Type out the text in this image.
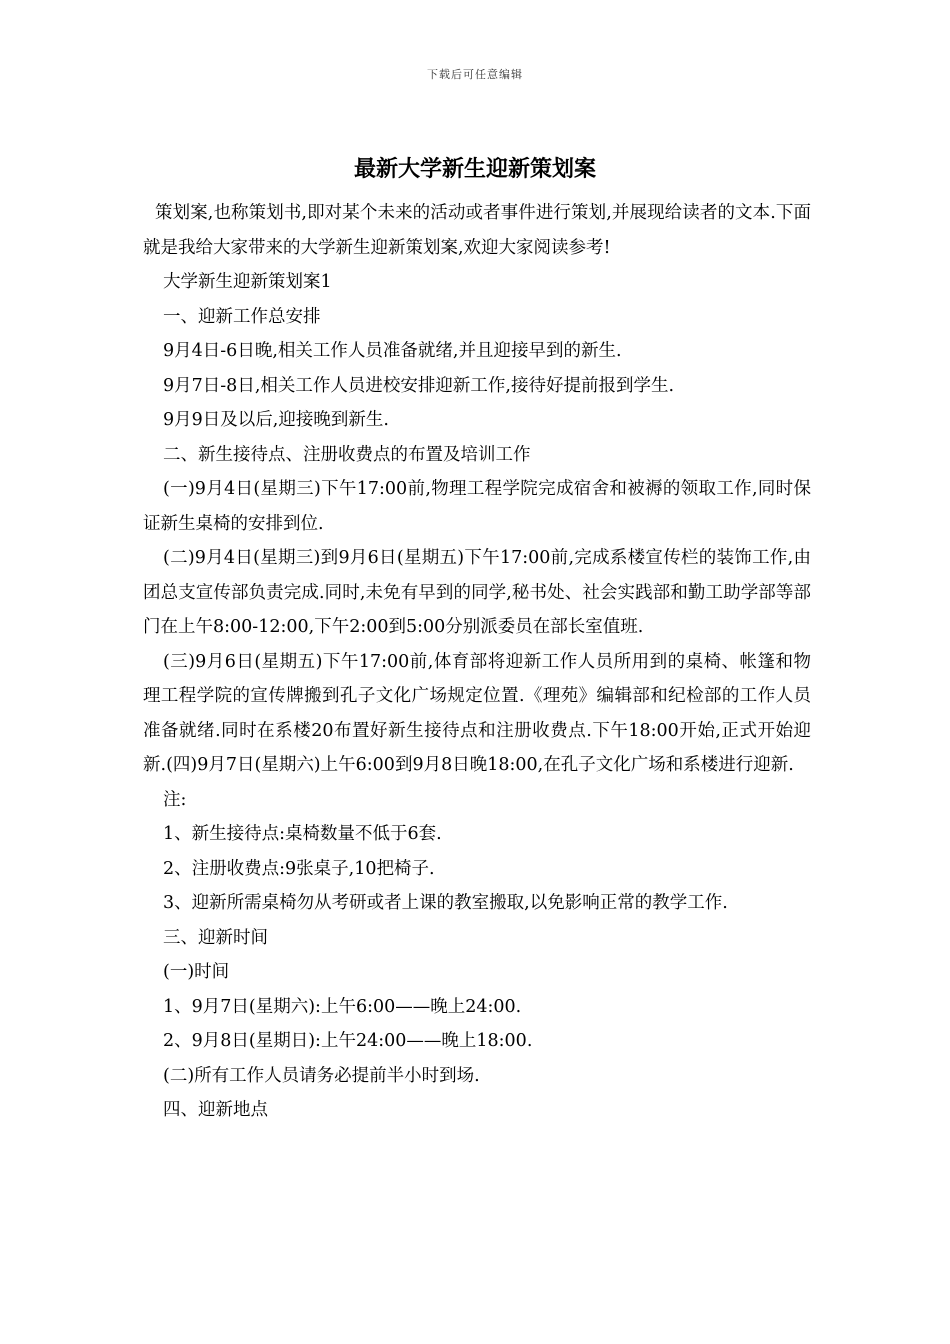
下载后可任意编辑
最新大学新生迎新策划案

策划案,也称策划书,即对某个未来的活动或者事件进行策划,并展现给读者的文本.下面就是我给大家带来的大学新生迎新策划案,欢迎大家阅读参考!

大学新生迎新策划案1

一、迎新工作总安排

9月4日-6日晚,相关工作人员准备就绪,并且迎接早到的新生.

9月7日-8日,相关工作人员进校安排迎新工作,接待好提前报到学生.

9月9日及以后,迎接晚到新生.

二、新生接待点、注册收费点的布置及培训工作

(一)9月4日(星期三)下午17:00前,物理工程学院完成宿舍和被褥的领取工作,同时保证新生桌椅的安排到位.

(二)9月4日(星期三)到9月6日(星期五)下午17:00前,完成系楼宣传栏的装饰工作,由团总支宣传部负责完成.同时,未免有早到的同学,秘书处、社会实践部和勤工助学部等部门在上午8:00-12:00,下午2:00到5:00分别派委员在部长室值班.

(三)9月6日(星期五)下午17:00前,体育部将迎新工作人员所用到的桌椅、帐篷和物理工程学院的宣传牌搬到孔子文化广场规定位置.《理苑》编辑部和纪检部的工作人员准备就绪.同时在系楼20布置好新生接待点和注册收费点.下午18:00开始,正式开始迎新.(四)9月7日(星期六)上午6:00到9月8日晚18:00,在孔子文化广场和系楼进行迎新.

注:

1、新生接待点:桌椅数量不低于6套.

2、注册收费点:9张桌子,10把椅子.

3、迎新所需桌椅勿从考研或者上课的教室搬取,以免影响正常的教学工作.

三、迎新时间

(一)时间

1、9月7日(星期六):上午6:00——晚上24:00.

2、9月8日(星期日):上午24:00——晚上18:00.

(二)所有工作人员请务必提前半小时到场.

四、迎新地点
